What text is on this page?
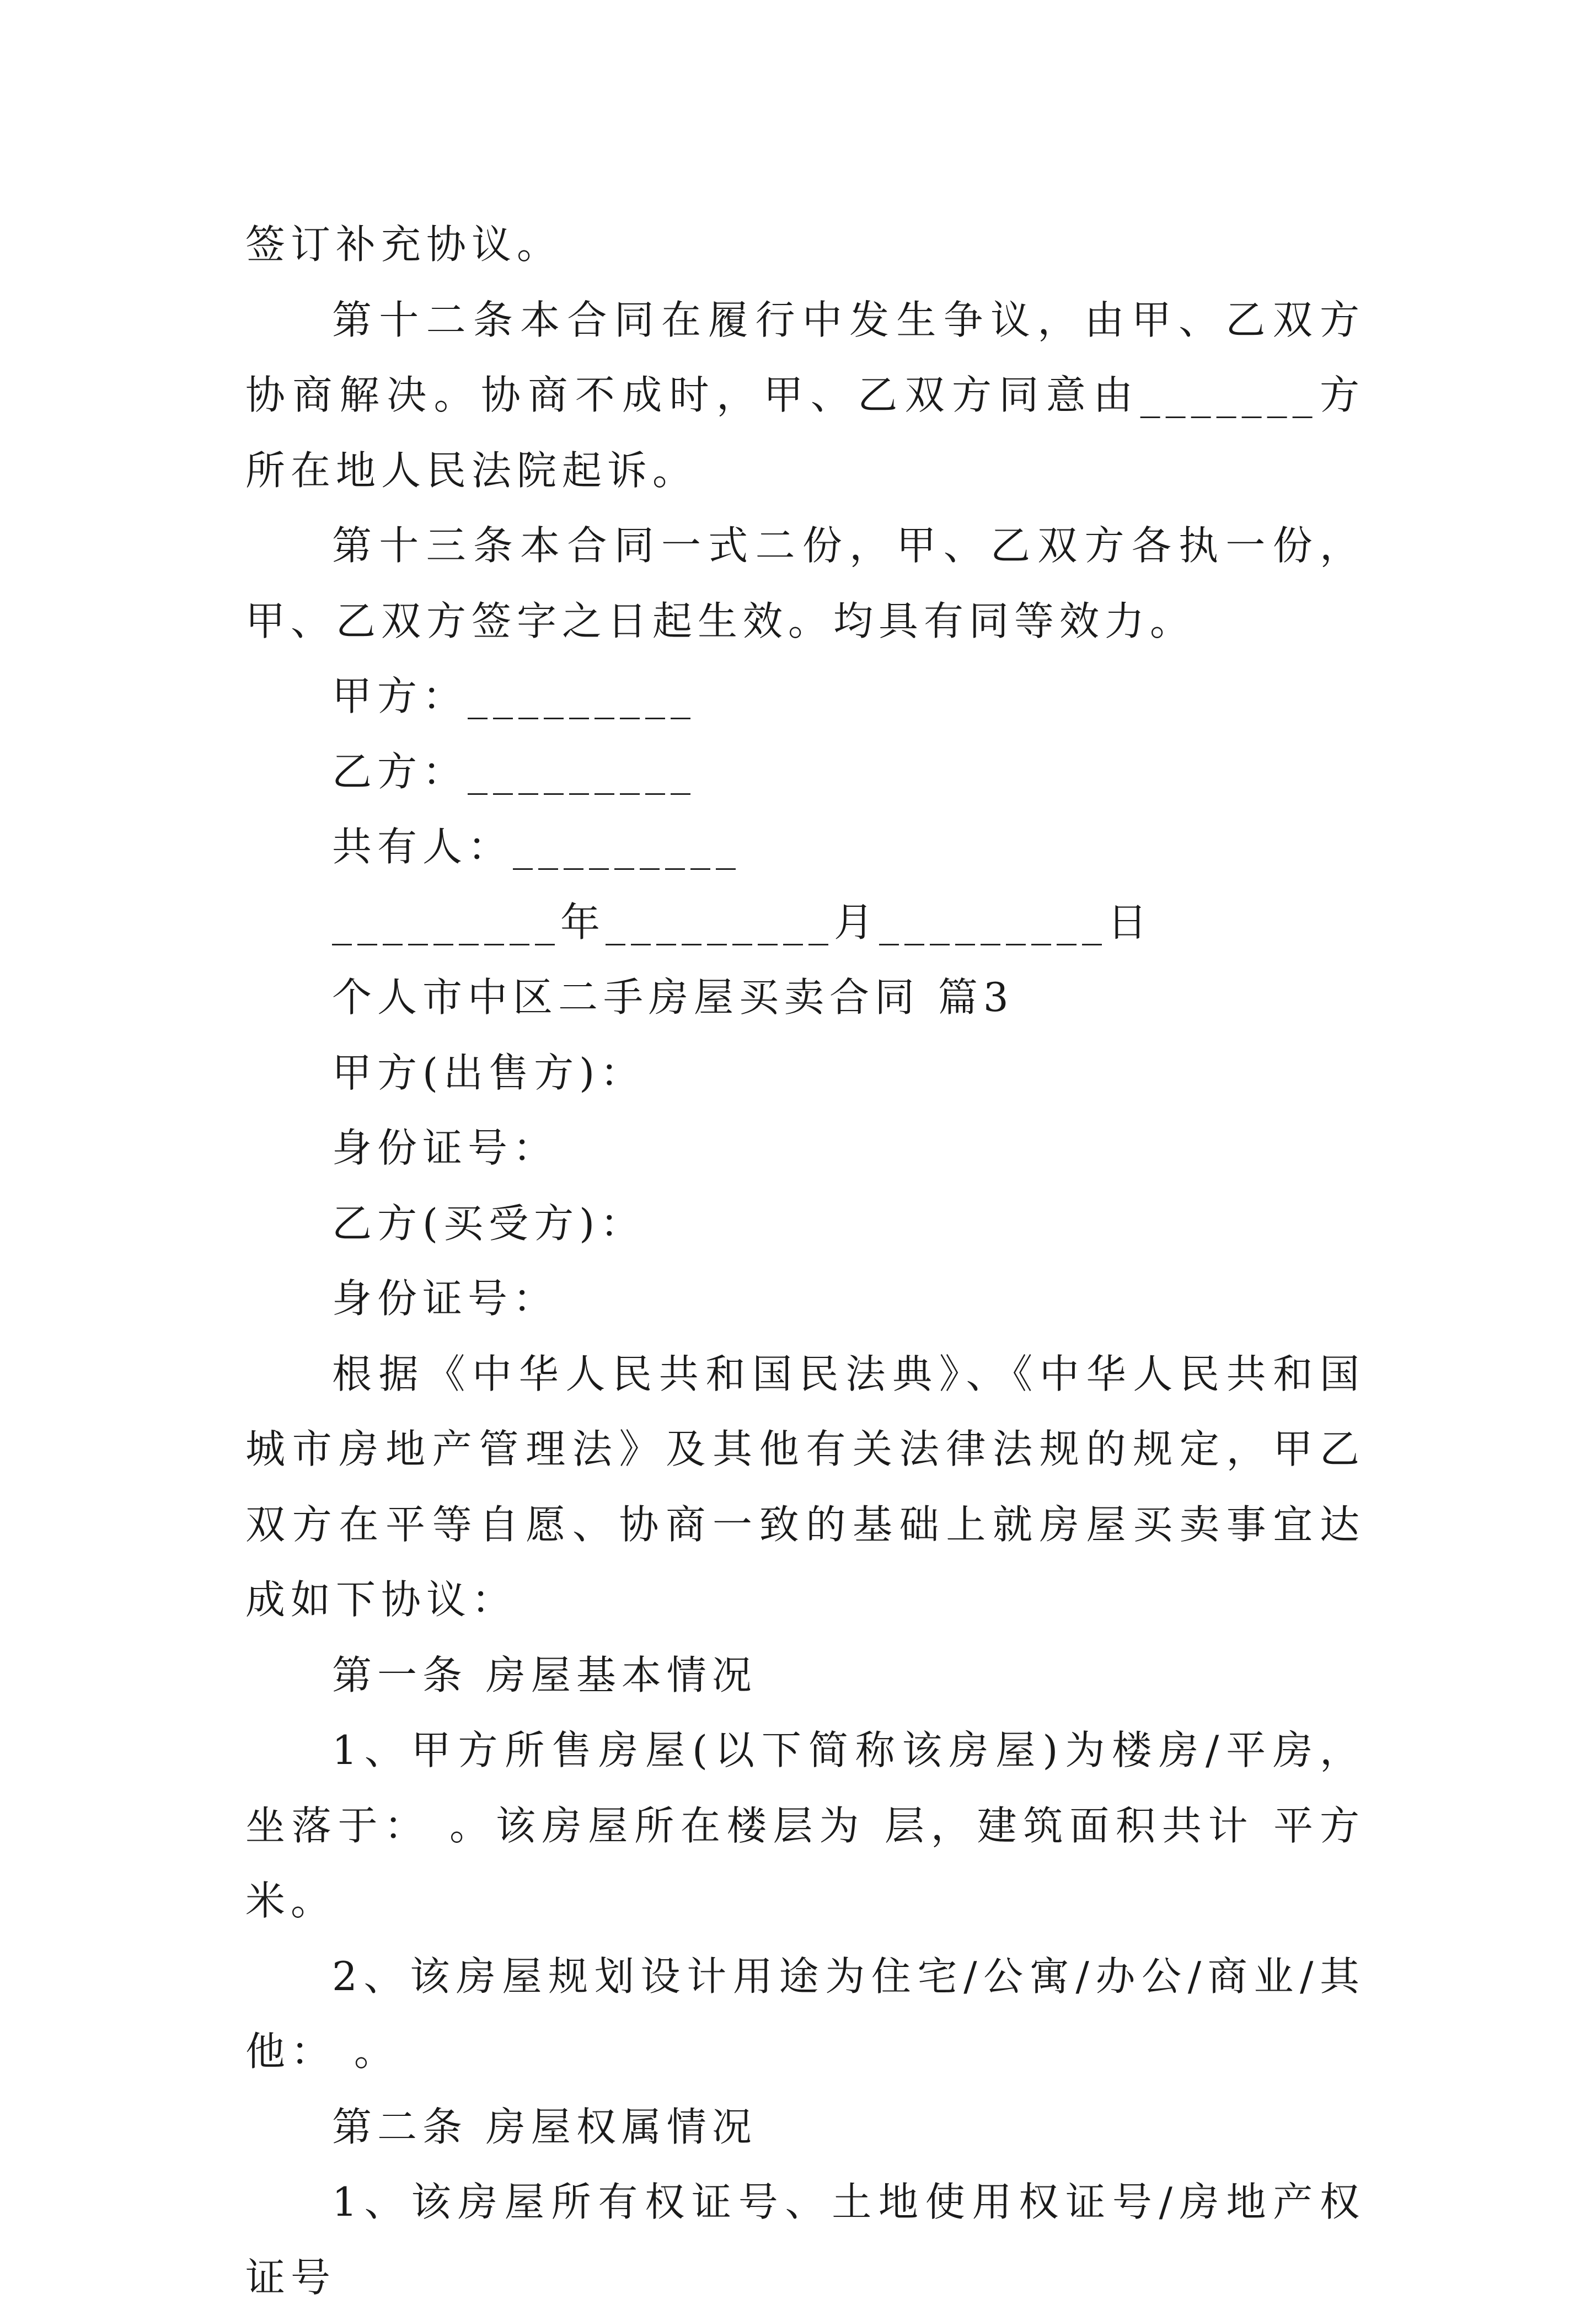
签订补充协议。

第十二条本合同在履行中发生争议，由甲、乙双方协商解决。协商不成时，甲、乙双方同意由_______方所在地人民法院起诉。

第十三条本合同一式二份，甲、乙双方各执一份，甲、乙双方签字之日起生效。均具有同等效力。

甲方：_________

乙方：_________

共有人：_________

_________年_________月_________日

个人市中区二手房屋买卖合同 篇3

甲方(出售方)：

身份证号：

乙方(买受方)：

身份证号：

根据《中华人民共和国民法典》、《中华人民共和国城市房地产管理法》及其他有关法律法规的规定，甲乙双方在平等自愿、协商一致的基础上就房屋买卖事宜达成如下协议：

第一条 房屋基本情况

1、甲方所售房屋(以下简称该房屋)为楼房/平房，坐落于： 。该房屋所在楼层为 层，建筑面积共计 平方米。

2、该房屋规划设计用途为住宅/公寓/办公/商业/其他： 。

第二条 房屋权属情况

1、该房屋所有权证号、土地使用权证号/房地产权证号
